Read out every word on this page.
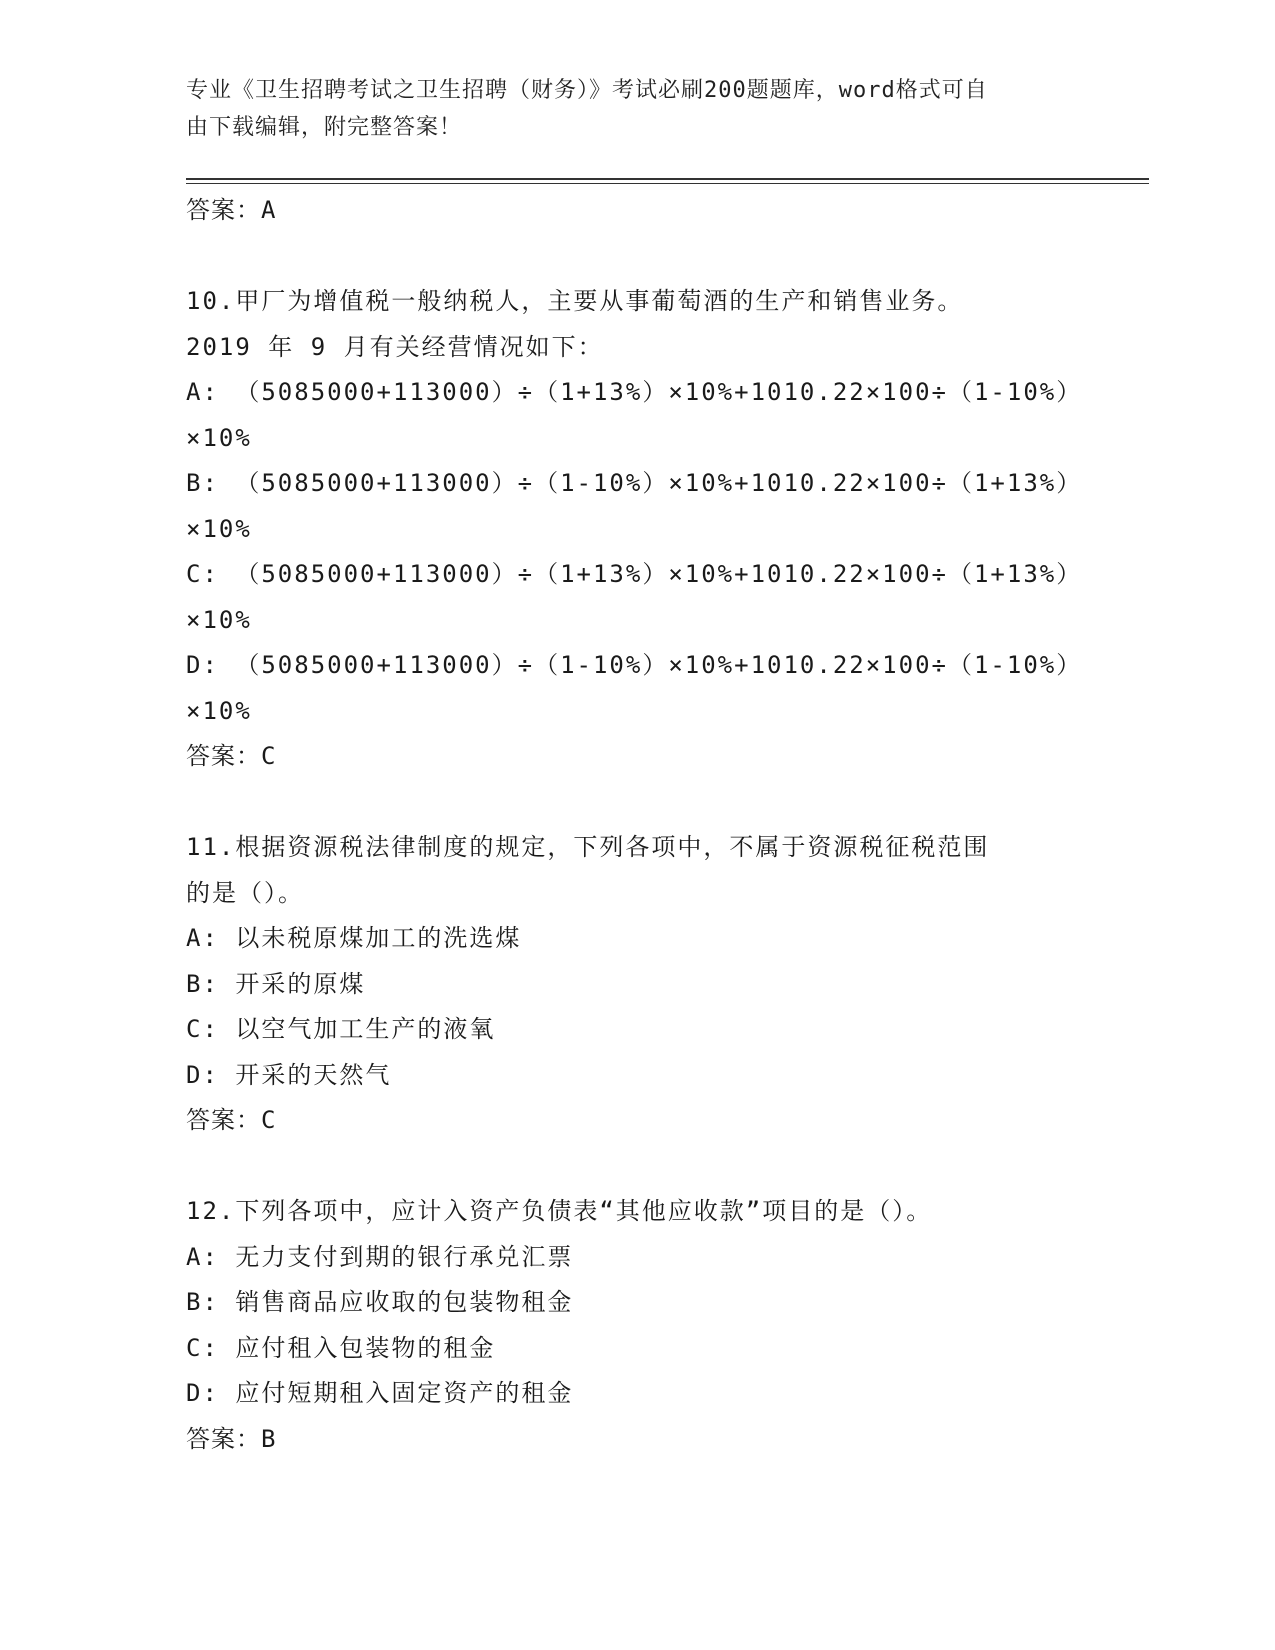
专业《卫生招聘考试之卫生招聘（财务）》考试必刷200题题库，word格式可自
由下载编辑，附完整答案！
答案：A
10.甲厂为增值税一般纳税人，主要从事葡萄酒的生产和销售业务。
2019 年 9 月有关经营情况如下：
A: （5085000+113000）÷（1+13%）×10%+1010.22×100÷（1-10%）
×10%
B: （5085000+113000）÷（1-10%）×10%+1010.22×100÷（1+13%）
×10%
C: （5085000+113000）÷（1+13%）×10%+1010.22×100÷（1+13%）
×10%
D: （5085000+113000）÷（1-10%）×10%+1010.22×100÷（1-10%）
×10%
答案：C
11.根据资源税法律制度的规定，下列各项中，不属于资源税征税范围
的是（）。
A: 以未税原煤加工的洗选煤
B: 开采的原煤
C: 以空气加工生产的液氧
D: 开采的天然气
答案：C
12.下列各项中，应计入资产负债表“其他应收款”项目的是（）。
A: 无力支付到期的银行承兑汇票
B: 销售商品应收取的包装物租金
C: 应付租入包装物的租金
D: 应付短期租入固定资产的租金
答案：B
